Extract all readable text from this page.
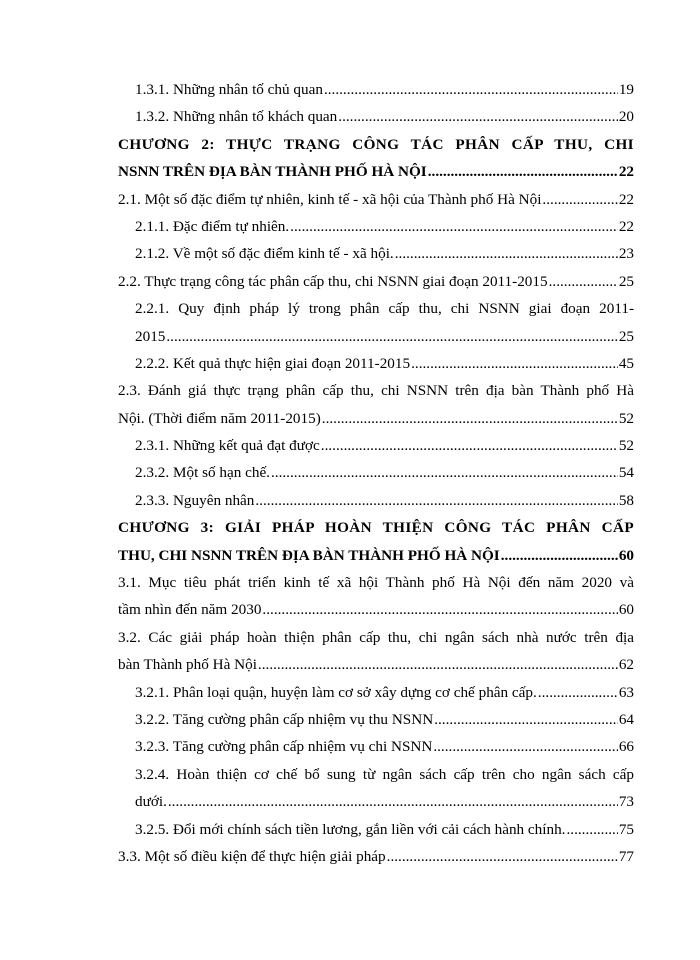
1.3.1. Những nhân tố chủ quan .....	19
1.3.2. Những nhân tố khách quan .....	20
CHƯƠNG 2: THỰC TRẠNG CÔNG TÁC PHÂN CẤP THU, CHI
NSNN TRÊN ĐỊA BÀN THÀNH PHỐ HÀ NỘI .....	22
2.1. Một số đặc điểm tự nhiên, kinh tế - xã hội của Thành phố Hà Nội .....	22
2.1.1. Đặc điểm tự nhiên. .....	22
2.1.2. Về một số đặc điểm kinh tế - xã hội. .....	23
2.2. Thực trạng công tác phân cấp thu, chi NSNN giai đoạn 2011-2015 .....	25
2.2.1. Quy định pháp lý trong phân cấp thu, chi NSNN giai đoạn 2011-
2015 .....	25
2.2.2. Kết quả thực hiện giai đoạn 2011-2015 .....	45
2.3. Đánh giá thực trạng phân cấp thu, chi NSNN trên địa bàn Thành phố Hà
Nội. (Thời điểm năm 2011-2015) .....	52
2.3.1. Những kết quả đạt được .....	52
2.3.2. Một số hạn chế. .....	54
2.3.3. Nguyên nhân .....	58
CHƯƠNG 3: GIẢI PHÁP HOÀN THIỆN CÔNG TÁC PHÂN CẤP
THU, CHI NSNN TRÊN ĐỊA BÀN THÀNH PHỐ HÀ NỘI .....	60
3.1. Mục tiêu phát triển kinh tế xã hội Thành phố Hà Nội đến năm 2020 và
tầm nhìn đến năm 2030 .....	60
3.2. Các giải pháp hoàn thiện phân cấp thu, chi ngân sách nhà nước trên địa
bàn Thành phố Hà Nội .....	62
3.2.1. Phân loại quận, huyện làm cơ sở xây dựng cơ chế phân cấp. .....	63
3.2.2. Tăng cường phân cấp nhiệm vụ thu NSNN .....	64
3.2.3. Tăng cường phân cấp nhiệm vụ chi NSNN .....	66
3.2.4. Hoàn thiện cơ chế bổ sung từ ngân sách cấp trên cho ngân sách cấp
dưới. .....	73
3.2.5. Đổi mới chính sách tiền lương, gắn liền với cải cách hành chính. .....	75
3.3. Một số điều kiện để thực hiện giải pháp .....	77
